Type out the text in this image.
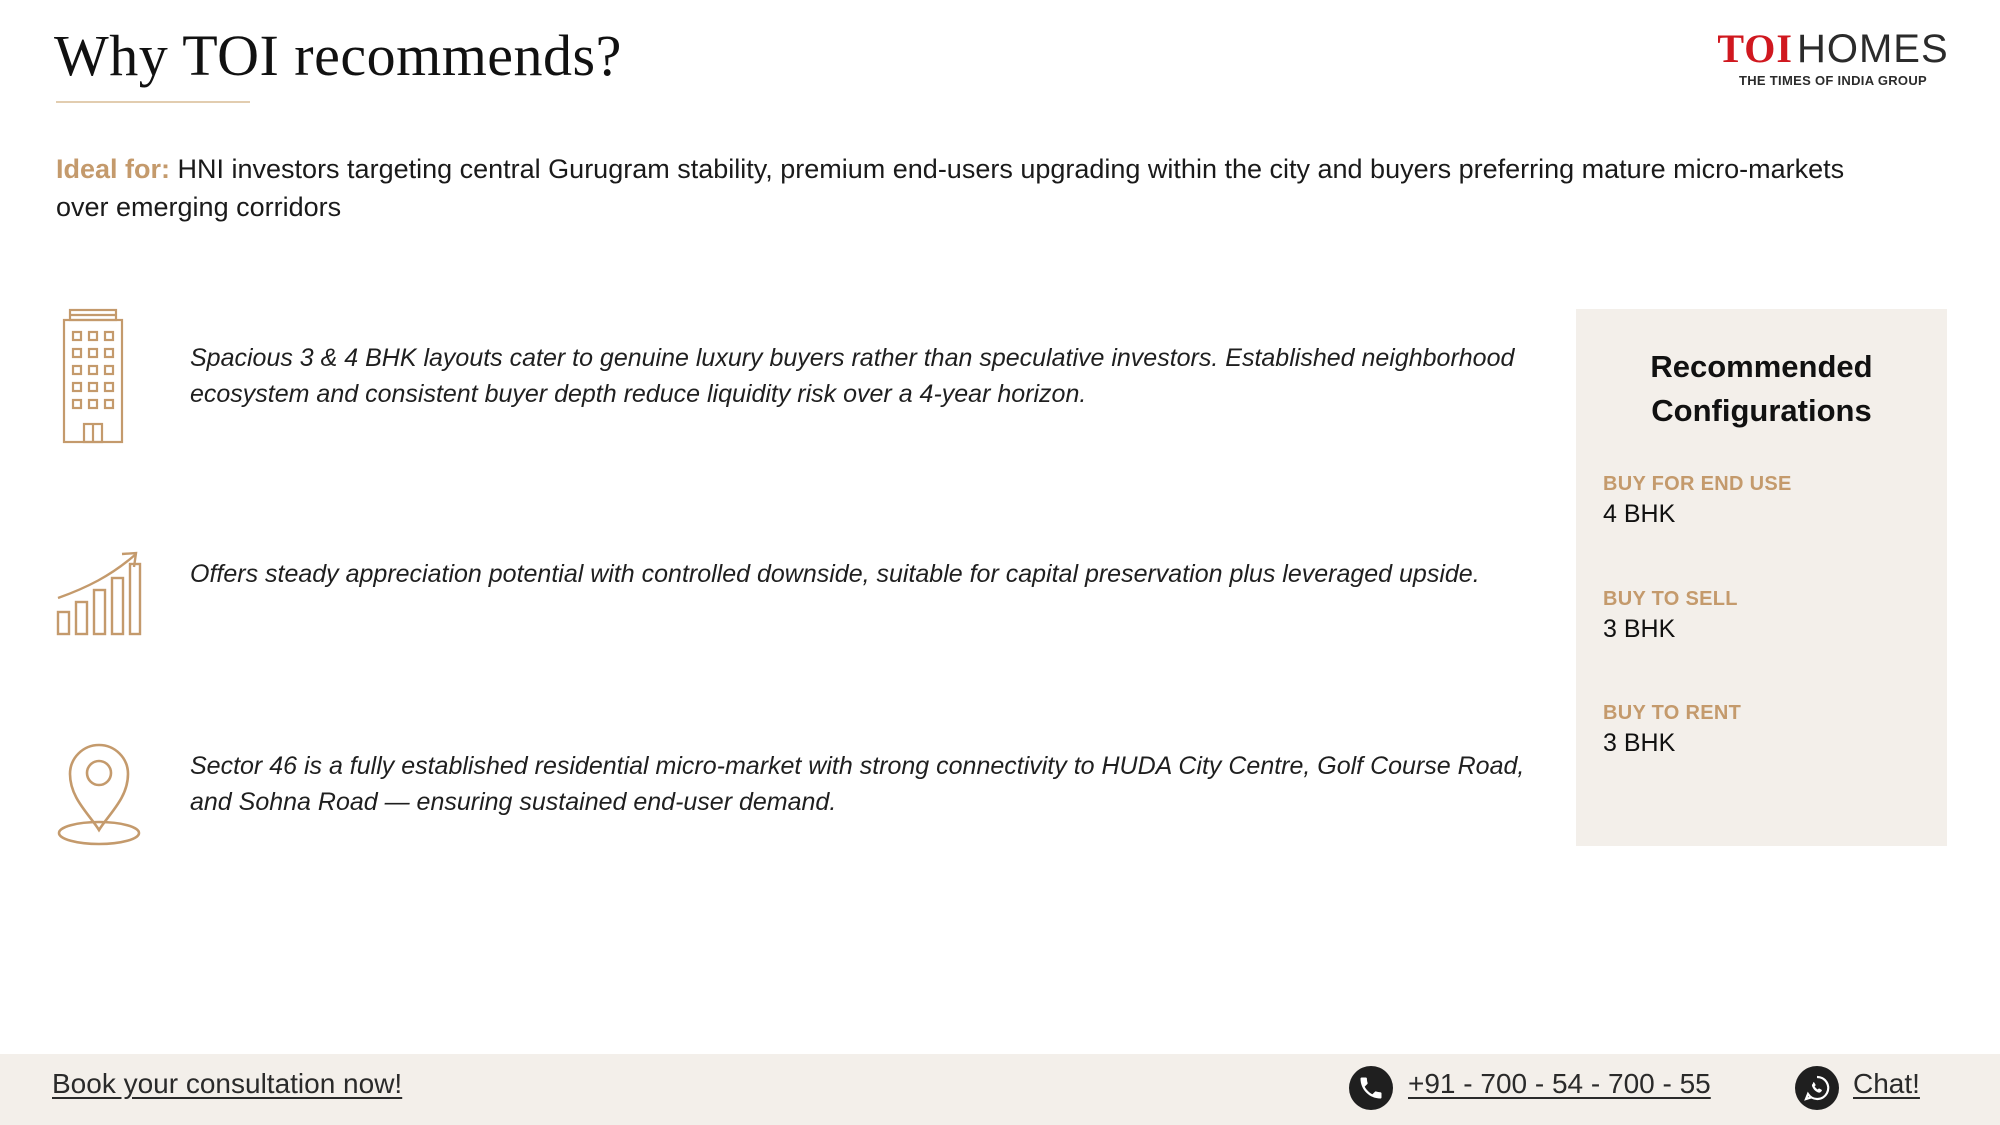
Why TOI recommends?	TOI HOMES
THE TIMES OF INDIA GROUP

Ideal for: HNI investors targeting central Gurugram stability, premium end-users upgrading within the city and buyers preferring mature micro-markets over emerging corridors

Spacious 3 & 4 BHK layouts cater to genuine luxury buyers rather than speculative investors. Established neighborhood ecosystem and consistent buyer depth reduce liquidity risk over a 4-year horizon.

Offers steady appreciation potential with controlled downside, suitable for capital preservation plus leveraged upside.

Sector 46 is a fully established residential micro-market with strong connectivity to HUDA City Centre, Golf Course Road, and Sohna Road — ensuring sustained end-user demand.

Recommended Configurations
BUY FOR END USE
4 BHK
BUY TO SELL
3 BHK
BUY TO RENT
3 BHK
Book your consultation now!	+91 - 700 - 54 - 700 - 55	Chat!
